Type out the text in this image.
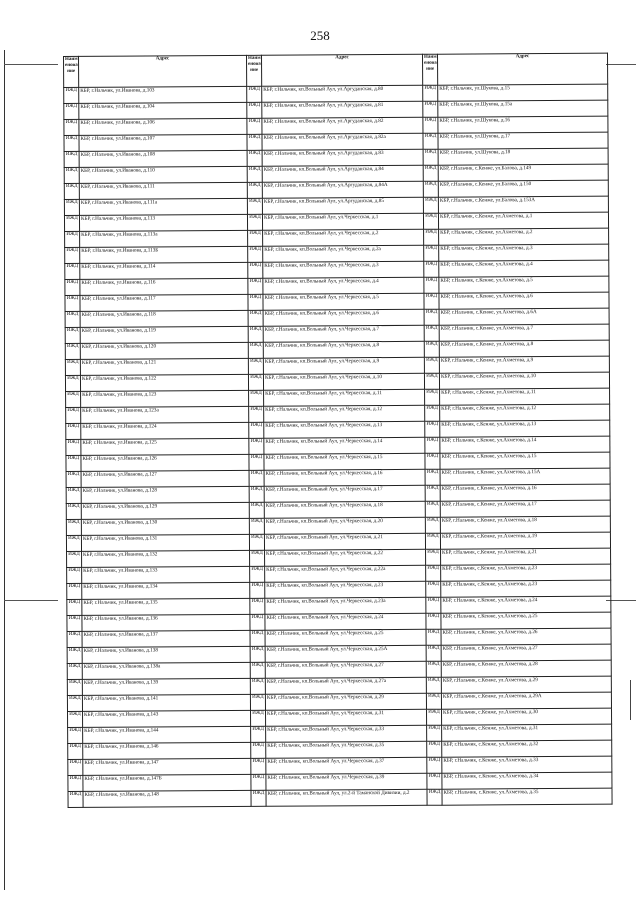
258
Наим енова ние	Адрес	Наим енова ние	Адрес	Наим енова ние	Адрес
ИЖД	КБР, г.Нальчик, ул.Иванова, д.103	ИЖД	КБР, г.Нальчик, кп.Вольный Аул, ул.Аргуданская, д.80	ИЖД	КБР, г.Нальчик, ул.Шукова, д.15
ИЖД	КБР, г.Нальчик, ул.Иванова, д.104	ИЖД	КБР, г.Нальчик, кп.Вольный Аул, ул.Аргуданская, д.81	ИЖД	КБР, г.Нальчик, ул.Шукова, д.15а
ИЖД	КБР, г.Нальчик, ул.Иванова, д.106	ИЖД	КБР, г.Нальчик, кп.Вольный Аул, ул.Аргуданская, д.82	ИЖД	КБР, г.Нальчик, ул.Шукова, д.16
ИЖД	КБР, г.Нальчик, ул.Иванова, д.107	ИЖД	КБР, г.Нальчик, кп.Вольный Аул, ул.Аргуданская, д.82а	ИЖД	КБР, г.Нальчик, ул.Шукова, д.17
ИЖД	КБР, г.Нальчик, ул.Иванова, д.108	ИЖД	КБР, г.Нальчик, кп.Вольный Аул, ул.Аргуданская, д.83	ИЖД	КБР, г.Нальчик, ул.Шукова, д.18
ИЖД	КБР, г.Нальчик, ул.Иванова, д.110	ИЖД	КБР, г.Нальчик, кп.Вольный Аул, ул.Аргуданская, д.84	ИЖД	КБР, г.Нальчик, с.Кенже, ул.Балова, д.149
ИЖД	КБР, г.Нальчик, ул.Иванова, д.111	ИЖД	КБР, г.Нальчик, кп.Вольный Аул, ул.Аргуданская, д.84А	ИЖД	КБР, г.Нальчик, с.Кенже, ул.Балова, д.150
ИЖД	КБР, г.Нальчик, ул.Иванова, д.111а	ИЖД	КБР, г.Нальчик, кп.Вольный Аул, ул.Аргуданская, д.85	ИЖД	КБР, г.Нальчик, с.Кенже, ул.Балова, д.153А
ИЖД	КБР, г.Нальчик, ул.Иванова, д.113	ИЖД	КБР, г.Нальчик, кп.Вольный Аул, ул.Черкесская, д.1	ИЖД	КБР, г.Нальчик, с.Кенже, ул.Ахметова, д.1
ИЖД	КБР, г.Нальчик, ул.Иванова, д.113а	ИЖД	КБР, г.Нальчик, кп.Вольный Аул, ул.Черкесская, д.2	ИЖД	КБР, г.Нальчик, с.Кенже, ул.Ахметова, д.2
ИЖД	КБР, г.Нальчик, ул.Иванова, д.113Б	ИЖД	КБР, г.Нальчик, кп.Вольный Аул, ул.Черкесская, д.2а	ИЖД	КБР, г.Нальчик, с.Кенже, ул.Ахметова, д.3
ИЖД	КБР, г.Нальчик, ул.Иванова, д.114	ИЖД	КБР, г.Нальчик, кп.Вольный Аул, ул.Черкесская, д.3	ИЖД	КБР, г.Нальчик, с.Кенже, ул.Ахметова, д.4
ИЖД	КБР, г.Нальчик, ул.Иванова, д.116	ИЖД	КБР, г.Нальчик, кп.Вольный Аул, ул.Черкесская, д.4	ИЖД	КБР, г.Нальчик, с.Кенже, ул.Ахметова, д.5
ИЖД	КБР, г.Нальчик, ул.Иванова, д.117	ИЖД	КБР, г.Нальчик, кп.Вольный Аул, ул.Черкесская, д.5	ИЖД	КБР, г.Нальчик, с.Кенже, ул.Ахметова, д.6
ИЖД	КБР, г.Нальчик, ул.Иванова, д.118	ИЖД	КБР, г.Нальчик, кп.Вольный Аул, ул.Черкесская, д.6	ИЖД	КБР, г.Нальчик, с.Кенже, ул.Ахметова, д.6А
ИЖД	КБР, г.Нальчик, ул.Иванова, д.119	ИЖД	КБР, г.Нальчик, кп.Вольный Аул, ул.Черкесская, д.7	ИЖД	КБР, г.Нальчик, с.Кенже, ул.Ахметова, д.7
ИЖД	КБР, г.Нальчик, ул.Иванова, д.120	ИЖД	КБР, г.Нальчик, кп.Вольный Аул, ул.Черкесская, д.8	ИЖД	КБР, г.Нальчик, с.Кенже, ул.Ахметова, д.8
ИЖД	КБР, г.Нальчик, ул.Иванова, д.121	ИЖД	КБР, г.Нальчик, кп.Вольный Аул, ул.Черкесская, д.9	ИЖД	КБР, г.Нальчик, с.Кенже, ул.Ахметова, д.9
ИЖД	КБР, г.Нальчик, ул.Иванова, д.122	ИЖД	КБР, г.Нальчик, кп.Вольный Аул, ул.Черкесская, д.10	ИЖД	КБР, г.Нальчик, с.Кенже, ул.Ахметова, д.10
ИЖД	КБР, г.Нальчик, ул.Иванова, д.123	ИЖД	КБР, г.Нальчик, кп.Вольный Аул, ул.Черкесская, д.11	ИЖД	КБР, г.Нальчик, с.Кенже, ул.Ахметова, д.11
ИЖД	КБР, г.Нальчик, ул.Иванова, д.123а	ИЖД	КБР, г.Нальчик, кп.Вольный Аул, ул.Черкесская, д.12	ИЖД	КБР, г.Нальчик, с.Кенже, ул.Ахметова, д.12
ИЖД	КБР, г.Нальчик, ул.Иванова, д.124	ИЖД	КБР, г.Нальчик, кп.Вольный Аул, ул.Черкесская, д.13	ИЖД	КБР, г.Нальчик, с.Кенже, ул.Ахметова, д.13
ИЖД	КБР, г.Нальчик, ул.Иванова, д.125	ИЖД	КБР, г.Нальчик, кп.Вольный Аул, ул.Черкесская, д.14	ИЖД	КБР, г.Нальчик, с.Кенже, ул.Ахметова, д.14
ИЖД	КБР, г.Нальчик, ул.Иванова, д.126	ИЖД	КБР, г.Нальчик, кп.Вольный Аул, ул.Черкесская, д.15	ИЖД	КБР, г.Нальчик, с.Кенже, ул.Ахметова, д.15
ИЖД	КБР, г.Нальчик, ул.Иванова, д.127	ИЖД	КБР, г.Нальчик, кп.Вольный Аул, ул.Черкесская, д.16	ИЖД	КБР, г.Нальчик, с.Кенже, ул.Ахметова, д.15А
ИЖД	КБР, г.Нальчик, ул.Иванова, д.128	ИЖД	КБР, г.Нальчик, кп.Вольный Аул, ул.Черкесская, д.17	ИЖД	КБР, г.Нальчик, с.Кенже, ул.Ахметова, д.16
ИЖД	КБР, г.Нальчик, ул.Иванова, д.129	ИЖД	КБР, г.Нальчик, кп.Вольный Аул, ул.Черкесская, д.18	ИЖД	КБР, г.Нальчик, с.Кенже, ул.Ахметова, д.17
ИЖД	КБР, г.Нальчик, ул.Иванова, д.130	ИЖД	КБР, г.Нальчик, кп.Вольный Аул, ул.Черкесская, д.20	ИЖД	КБР, г.Нальчик, с.Кенже, ул.Ахметова, д.18
ИЖД	КБР, г.Нальчик, ул.Иванова, д.131	ИЖД	КБР, г.Нальчик, кп.Вольный Аул, ул.Черкесская, д.21	ИЖД	КБР, г.Нальчик, с.Кенже, ул.Ахметова, д.19
ИЖД	КБР, г.Нальчик, ул.Иванова, д.132	ИЖД	КБР, г.Нальчик, кп.Вольный Аул, ул.Черкесская, д.22	ИЖД	КБР, г.Нальчик, с.Кенже, ул.Ахметова, д.21
ИЖД	КБР, г.Нальчик, ул.Иванова, д.133	ИЖД	КБР, г.Нальчик, кп.Вольный Аул, ул.Черкесская, д.22а	ИЖД	КБР, г.Нальчик, с.Кенже, ул.Ахметова, д.23
ИЖД	КБР, г.Нальчик, ул.Иванова, д.134	ИЖД	КБР, г.Нальчик, кп.Вольный Аул, ул.Черкесская, д.23	ИЖД	КБР, г.Нальчик, с.Кенже, ул.Ахметова, д.23
ИЖД	КБР, г.Нальчик, ул.Иванова, д.135	ИЖД	КБР, г.Нальчик, кп.Вольный Аул, ул.Черкесская, д.23а	ИЖД	КБР, г.Нальчик, с.Кенже, ул.Ахметова, д.24
ИЖД	КБР, г.Нальчик, ул.Иванова, д.136	ИЖД	КБР, г.Нальчик, кп.Вольный Аул, ул.Черкесская, д.24	ИЖД	КБР, г.Нальчик, с.Кенже, ул.Ахметова, д.25
ИЖД	КБР, г.Нальчик, ул.Иванова, д.137	ИЖД	КБР, г.Нальчик, кп.Вольный Аул, ул.Черкесская, д.25	ИЖД	КБР, г.Нальчик, с.Кенже, ул.Ахметова, д.26
ИЖД	КБР, г.Нальчик, ул.Иванова, д.138	ИЖД	КБР, г.Нальчик, кп.Вольный Аул, ул.Черкесская, д.25А	ИЖД	КБР, г.Нальчик, с.Кенже, ул.Ахметова, д.27
ИЖД	КБР, г.Нальчик, ул.Иванова, д.138а	ИЖД	КБР, г.Нальчик, кп.Вольный Аул, ул.Черкесская, д.27	ИЖД	КБР, г.Нальчик, с.Кенже, ул.Ахметова, д.28
ИЖД	КБР, г.Нальчик, ул.Иванова, д.139	ИЖД	КБР, г.Нальчик, кп.Вольный Аул, ул.Черкесская, д.27а	ИЖД	КБР, г.Нальчик, с.Кенже, ул.Ахметова, д.29
ИЖД	КБР, г.Нальчик, ул.Иванова, д.141	ИЖД	КБР, г.Нальчик, кп.Вольный Аул, ул.Черкесская, д.29	ИЖД	КБР, г.Нальчик, с.Кенже, ул.Ахметова, д.29А
ИЖД	КБР, г.Нальчик, ул.Иванова, д.143	ИЖД	КБР, г.Нальчик, кп.Вольный Аул, ул.Черкесская, д.31	ИЖД	КБР, г.Нальчик, с.Кенже, ул.Ахметова, д.30
ИЖД	КБР, г.Нальчик, ул.Иванова, д.144	ИЖД	КБР, г.Нальчик, кп.Вольный Аул, ул.Черкесская, д.33	ИЖД	КБР, г.Нальчик, с.Кенже, ул.Ахметова, д.31
ИЖД	КБР, г.Нальчик, ул.Иванова, д.146	ИЖД	КБР, г.Нальчик, кп.Вольный Аул, ул.Черкесская, д.35	ИЖД	КБР, г.Нальчик, с.Кенже, ул.Ахметова, д.32
ИЖД	КБР, г.Нальчик, ул.Иванова, д.147	ИЖД	КБР, г.Нальчик, кп.Вольный Аул, ул.Черкесская, д.37	ИЖД	КБР, г.Нальчик, с.Кенже, ул.Ахметова, д.33
ИЖД	КБР, г.Нальчик, ул.Иванова, д.147Б	ИЖД	КБР, г.Нальчик, кп.Вольный Аул, ул.Черкесская, д.39	ИЖД	КБР, г.Нальчик, с.Кенже, ул.Ахметова, д.34
ИЖД	КБР, г.Нальчик, ул.Иванова, д.148	ИЖД	КБР, г.Нальчик, кп.Вольный Аул, ул.2-й Таманской Дивизии, д.2	ИЖД	КБР, г.Нальчик, с.Кенже, ул.Ахметова, д.35
